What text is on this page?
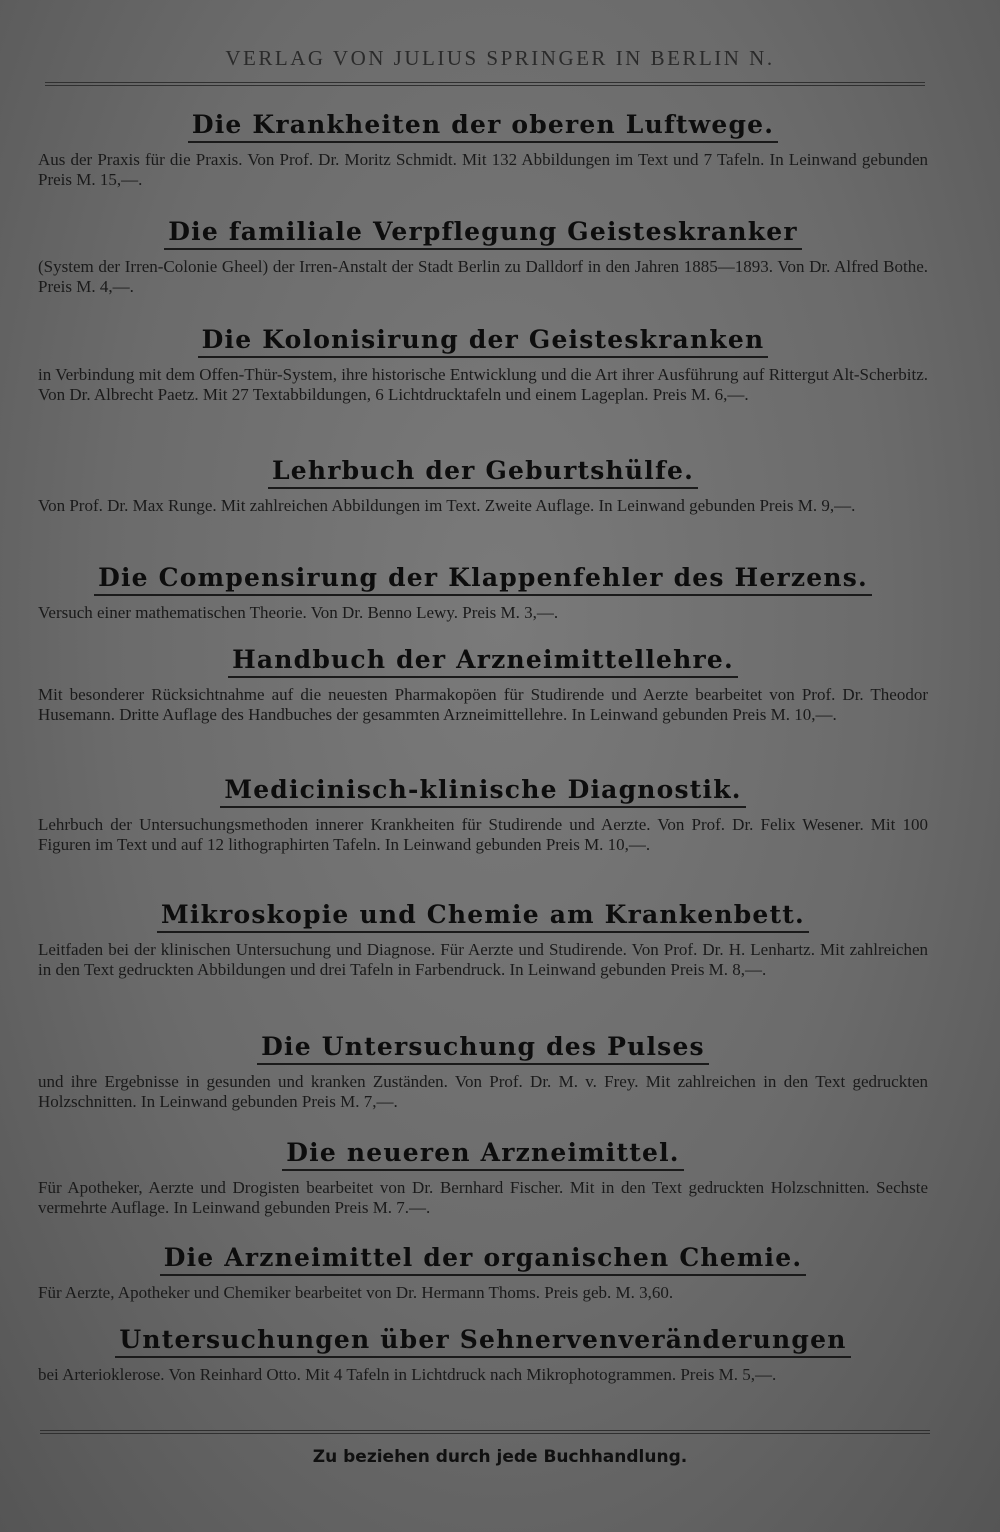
VERLAG VON JULIUS SPRINGER IN BERLIN N.
Die Krankheiten der oberen Luftwege.
Aus der Praxis für die Praxis. Von Prof. Dr. Moritz Schmidt. Mit 132 Abbildungen im Text und 7 Tafeln. In Leinwand gebunden Preis M. 15,—.
Die familiale Verpflegung Geisteskranker
(System der Irren-Colonie Gheel) der Irren-Anstalt der Stadt Berlin zu Dalldorf in den Jahren 1885—1893. Von Dr. Alfred Bothe. Preis M. 4,—.
Die Kolonisirung der Geisteskranken
in Verbindung mit dem Offen-Thür-System, ihre historische Entwicklung und die Art ihrer Ausführung auf Rittergut Alt-Scherbitz. Von Dr. Albrecht Paetz. Mit 27 Textabbildungen, 6 Lichtdrucktafeln und einem Lageplan. Preis M. 6,—.
Lehrbuch der Geburtshülfe.
Von Prof. Dr. Max Runge. Mit zahlreichen Abbildungen im Text. Zweite Auflage. In Leinwand gebunden Preis M. 9,—.
Die Compensirung der Klappenfehler des Herzens.
Versuch einer mathematischen Theorie. Von Dr. Benno Lewy. Preis M. 3,—.
Handbuch der Arzneimittellehre.
Mit besonderer Rücksichtnahme auf die neuesten Pharmakopöen für Studirende und Aerzte bearbeitet von Prof. Dr. Theodor Husemann. Dritte Auflage des Handbuches der gesammten Arzneimittellehre. In Leinwand gebunden Preis M. 10,—.
Medicinisch-klinische Diagnostik.
Lehrbuch der Untersuchungsmethoden innerer Krankheiten für Studirende und Aerzte. Von Prof. Dr. Felix Wesener. Mit 100 Figuren im Text und auf 12 lithographirten Tafeln. In Leinwand gebunden Preis M. 10,—.
Mikroskopie und Chemie am Krankenbett.
Leitfaden bei der klinischen Untersuchung und Diagnose. Für Aerzte und Studirende. Von Prof. Dr. H. Lenhartz. Mit zahlreichen in den Text gedruckten Abbildungen und drei Tafeln in Farbendruck. In Leinwand gebunden Preis M. 8,—.
Die Untersuchung des Pulses
und ihre Ergebnisse in gesunden und kranken Zuständen. Von Prof. Dr. M. v. Frey. Mit zahlreichen in den Text gedruckten Holzschnitten. In Leinwand gebunden Preis M. 7,—.
Die neueren Arzneimittel.
Für Apotheker, Aerzte und Drogisten bearbeitet von Dr. Bernhard Fischer. Mit in den Text gedruckten Holzschnitten. Sechste vermehrte Auflage. In Leinwand gebunden Preis M. 7.—.
Die Arzneimittel der organischen Chemie.
Für Aerzte, Apotheker und Chemiker bearbeitet von Dr. Hermann Thoms. Preis geb. M. 3,60.
Untersuchungen über Sehnervenveränderungen
bei Arterioklerose. Von Reinhard Otto. Mit 4 Tafeln in Lichtdruck nach Mikrophotogrammen. Preis M. 5,—.
Zu beziehen durch jede Buchhandlung.
